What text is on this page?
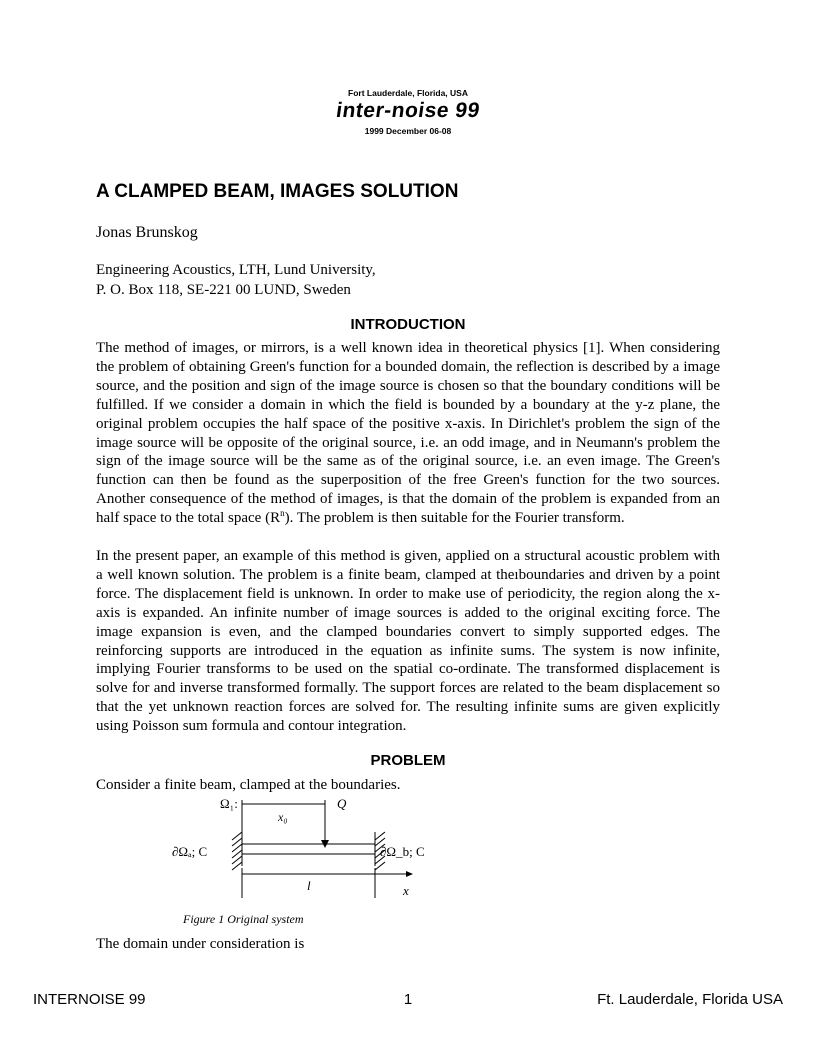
Fort Lauderdale, Florida, USA
inter-noise 99
1999 December 06-08
A CLAMPED BEAM, IMAGES SOLUTION
Jonas Brunskog
Engineering Acoustics, LTH, Lund University,
P. O. Box 118, SE-221 00 LUND, Sweden
INTRODUCTION

The method of images, or mirrors, is a well known idea in theoretical physics [1]. When considering the problem of obtaining Green's function for a bounded domain, the reflection is described by a image source, and the position and sign of the image source is chosen so that the boundary conditions will be fulfilled. If we consider a domain in which the field is bounded by a boundary at the y-z plane, the original problem occupies the half space of the positive x-axis. In Dirichlet's problem the sign of the image source will be opposite of the original source, i.e. an odd image, and in Neumann's problem the sign of the image source will be the same as of the original source, i.e. an even image. The Green's function can then be found as the superposition of the free Green's function for the two sources. Another consequence of the method of images, is that the domain of the problem is expanded from an half space to the total space $(R^n)$. The problem is then suitable for the Fourier transform.

In the present paper, an example of this method is given, applied on a structural acoustic problem with a well known solution. The problem is a finite beam, clamped at theıboundaries and driven by a point force. The displacement field is unknown. In order to make use of periodicity, the region along the x-axis is expanded. An infinite number of image sources is added to the original exciting force. The image expansion is even, and the clamped boundaries convert to simply supported edges. The reinforcing supports are introduced in the equation as infinite sums. The system is now infinite, implying Fourier transforms to be used on the spatial co-ordinate. The transformed displacement is solve for and inverse transformed formally. The support forces are related to the beam displacement so that the yet unknown reaction forces are solved for. The resulting infinite sums are given explicitly using Poisson sum formula and contour integration.

PROBLEM

Consider a finite beam, clamped at the boundaries.

Ω₁:	Q
x₀
∂Ωₐ; C	∂Ω_b; C
l	x
Figure 1 Original system

The domain under consideration is

INTERNOISE 99	1	Ft. Lauderdale, Florida USA
